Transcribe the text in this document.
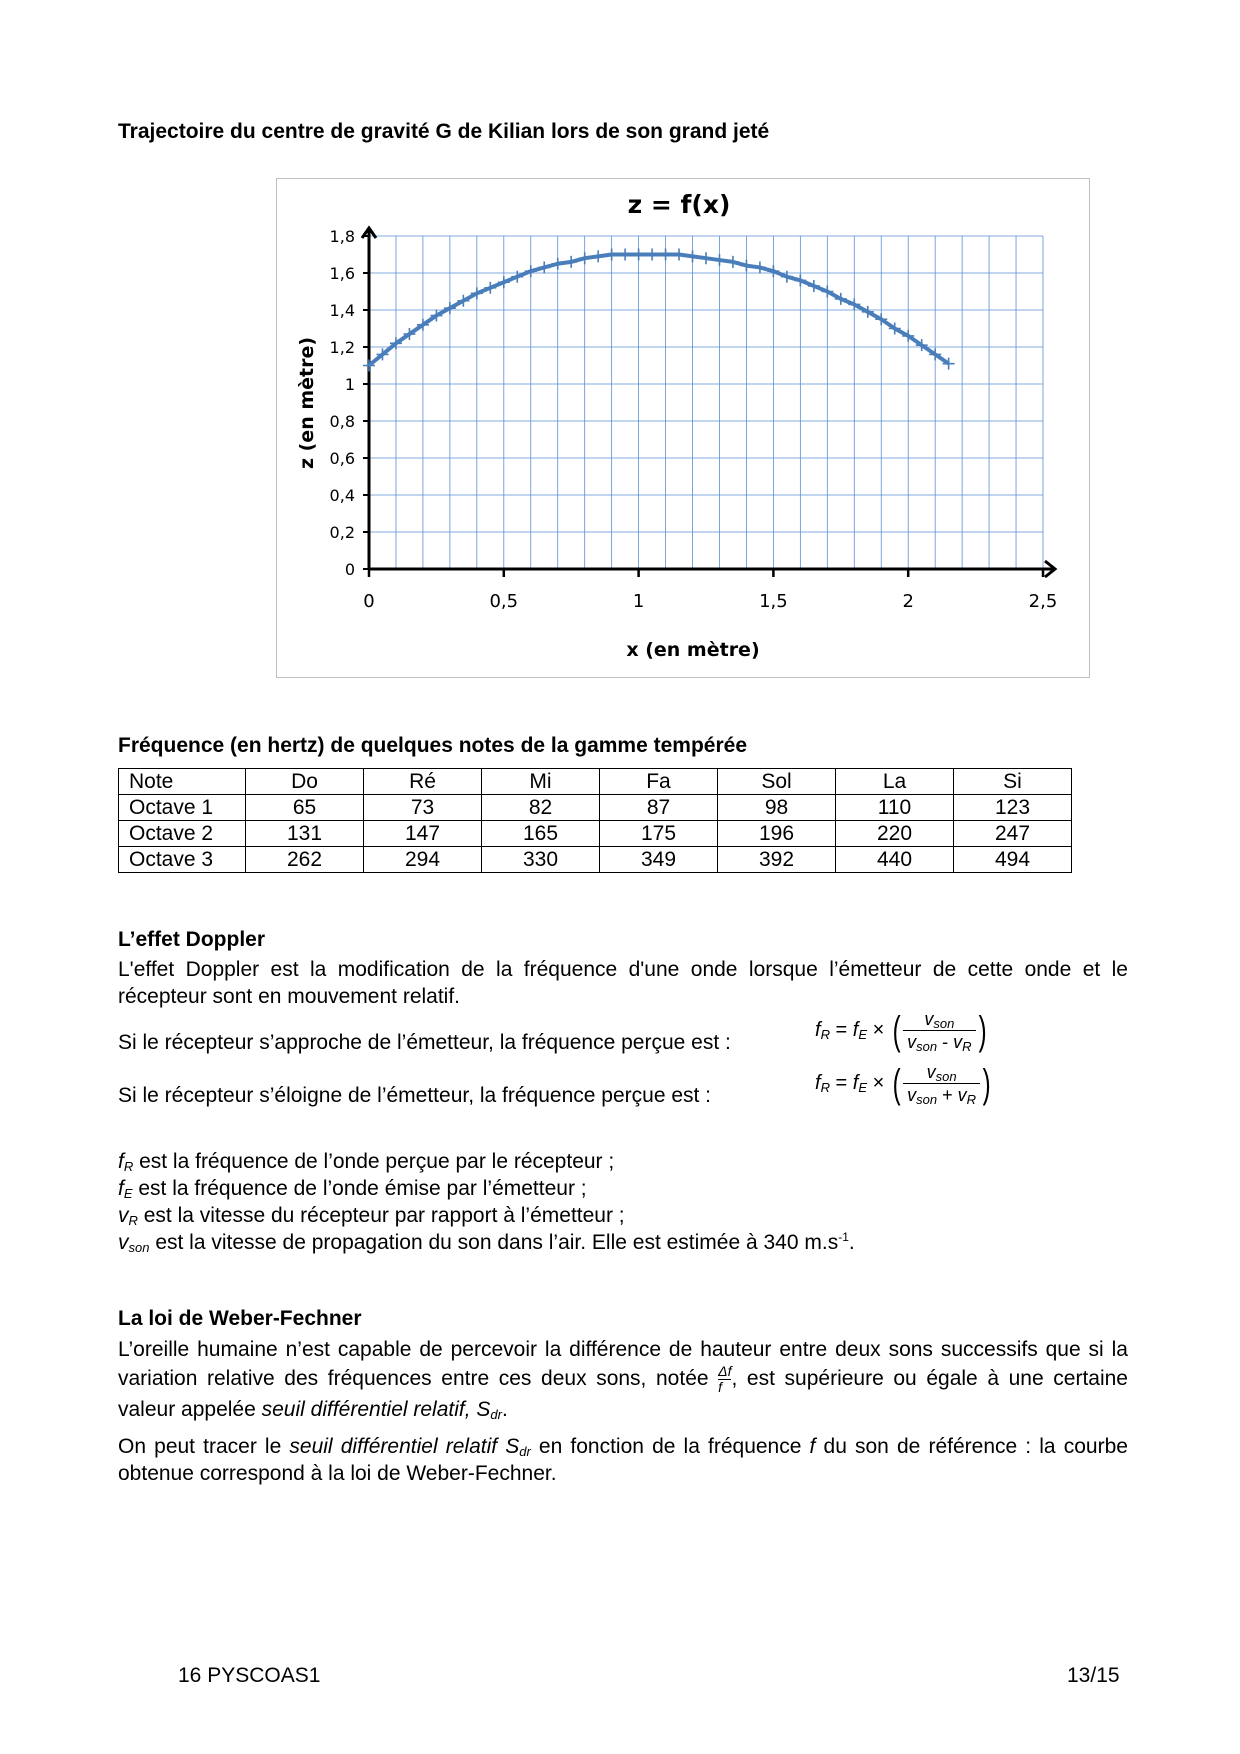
Trajectoire du centre de gravité G de Kilian lors de son grand jeté
0	0,5	1	1,5	2	2,5
0
0,2
0,4
0,6
0,8
1
1,2
1,4
1,6
1,8
z = f(x)
x (en mètre)
z (en mètre)
Fréquence (en hertz) de quelques notes de la gamme tempérée
Note	Do	Ré	Mi	Fa	Sol	La	Si
Octave 1	65	73	82	87	98	110	123
Octave 2	131	147	165	175	196	220	247
Octave 3	262	294	330	349	392	440	494
L’effet Doppler
L'effet Doppler est la modification de la fréquence d'une onde lorsque l’émetteur de cette onde et le récepteur sont en mouvement relatif.
Si le récepteur s’approche de l’émetteur, la fréquence perçue est :
$f_R = f_E$ × ( $\frac{v_{son}}{v_{son} - v_R}$ )
Si le récepteur s’éloigne de l’émetteur, la fréquence perçue est :
$f_R = f_E$ × ( $\frac{v_{son}}{v_{son} + v_R}$ )
$f_R$ est la fréquence de l’onde perçue par le récepteur ;
$f_E$ est la fréquence de l’onde émise par l’émetteur ;
$v_R$ est la vitesse du récepteur par rapport à l’émetteur ;
$v_{son}$ est la vitesse de propagation du son dans l’air. Elle est estimée à 340 $m.s^{-1}$.
La loi de Weber-Fechner
L’oreille humaine n’est capable de percevoir la différence de hauteur entre deux sons successifs que si la variation relative des fréquences entre ces deux sons, notée $\frac{\Delta f}{f}$ , est supérieure ou égale à une certaine valeur appelée seuil différentiel relatif, $S_{dr}$.
On peut tracer le seuil différentiel relatif $S_{dr}$ en fonction de la fréquence f du son de référence : la courbe obtenue correspond à la loi de Weber-Fechner.
16 PYSCOAS1	13/15
